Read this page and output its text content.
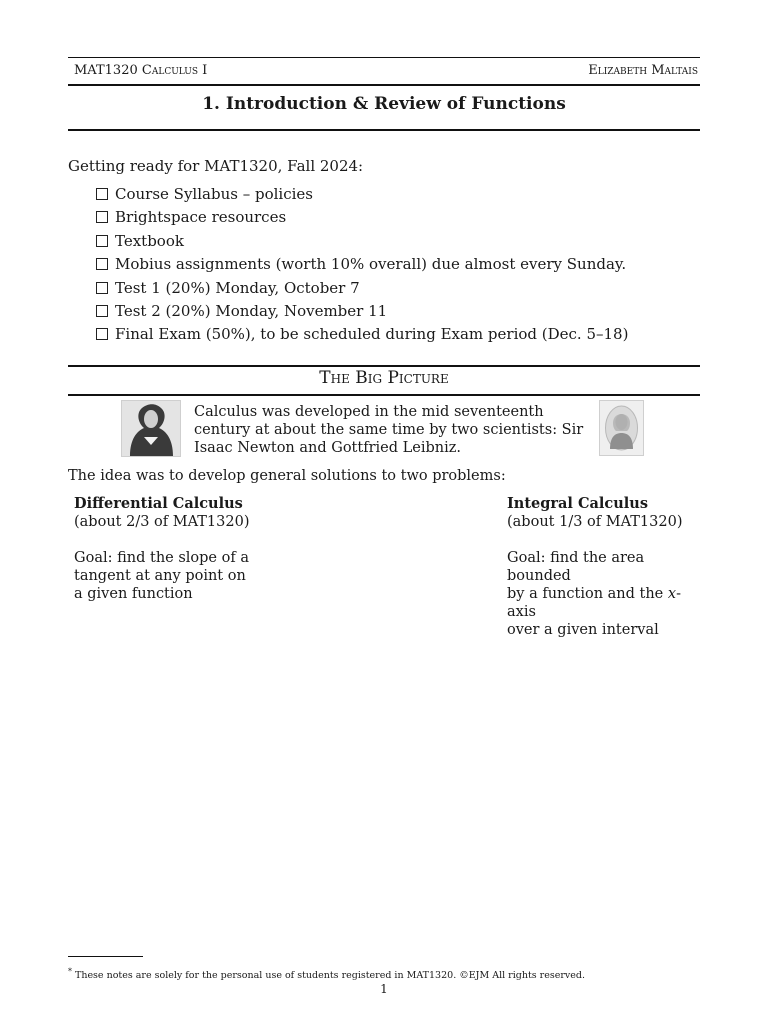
MAT1320 Calculus I	Elizabeth Maltais
1. Introduction & Review of Functions
Getting ready for MAT1320, Fall 2024:
Course Syllabus – policies
Brightspace resources
Textbook
Mobius assignments (worth 10% overall) due almost every Sunday.
Test 1 (20%) Monday, October 7
Test 2 (20%) Monday, November 11
Final Exam (50%), to be scheduled during Exam period (Dec. 5–18)
The Big Picture
Calculus was developed in the mid seventeenth century at about the same time by two scientists: Sir Isaac Newton and Gottfried Leibniz.
The idea was to develop general solutions to two problems:
Differential Calculus
(about 2/3 of MAT1320)
Goal: find the slope of a
tangent at any point on
a given function
Integral Calculus
(about 1/3 of MAT1320)
Goal: find the area bounded
by a function and the x-axis
over a given interval
* These notes are solely for the personal use of students registered in MAT1320. ©EJM All rights reserved.
1
